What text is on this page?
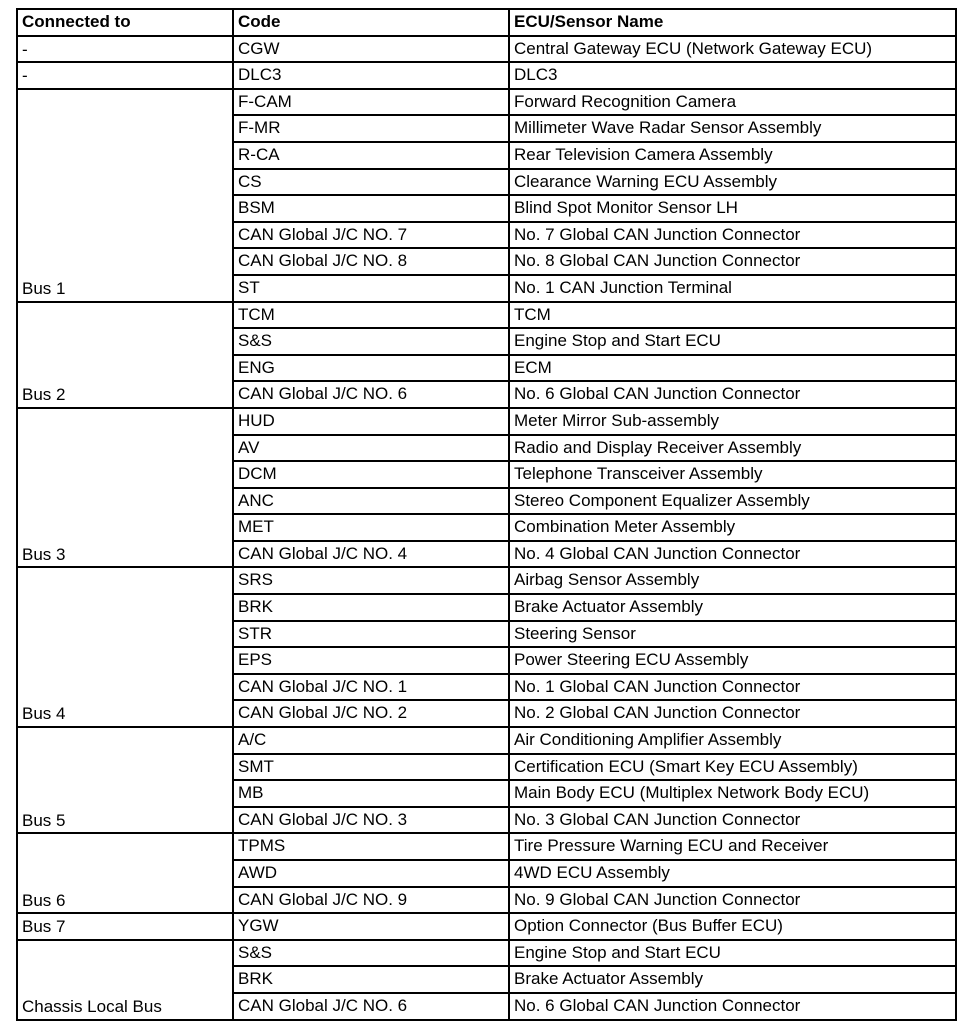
Connected to	Code	ECU/Sensor Name
-	CGW	Central Gateway ECU (Network Gateway ECU)
-	DLC3	DLC3
Bus 1	F-CAM	Forward Recognition Camera
	F-MR	Millimeter Wave Radar Sensor Assembly
	R-CA	Rear Television Camera Assembly
	CS	Clearance Warning ECU Assembly
	BSM	Blind Spot Monitor Sensor LH
	CAN Global J/C NO. 7	No. 7 Global CAN Junction Connector
	CAN Global J/C NO. 8	No. 8 Global CAN Junction Connector
	ST	No. 1 CAN Junction Terminal
Bus 2	TCM	TCM
	S&S	Engine Stop and Start ECU
	ENG	ECM
	CAN Global J/C NO. 6	No. 6 Global CAN Junction Connector
Bus 3	HUD	Meter Mirror Sub-assembly
	AV	Radio and Display Receiver Assembly
	DCM	Telephone Transceiver Assembly
	ANC	Stereo Component Equalizer Assembly
	MET	Combination Meter Assembly
	CAN Global J/C NO. 4	No. 4 Global CAN Junction Connector
Bus 4	SRS	Airbag Sensor Assembly
	BRK	Brake Actuator Assembly
	STR	Steering Sensor
	EPS	Power Steering ECU Assembly
	CAN Global J/C NO. 1	No. 1 Global CAN Junction Connector
	CAN Global J/C NO. 2	No. 2 Global CAN Junction Connector
Bus 5	A/C	Air Conditioning Amplifier Assembly
	SMT	Certification ECU (Smart Key ECU Assembly)
	MB	Main Body ECU (Multiplex Network Body ECU)
	CAN Global J/C NO. 3	No. 3 Global CAN Junction Connector
Bus 6	TPMS	Tire Pressure Warning ECU and Receiver
	AWD	4WD ECU Assembly
	CAN Global J/C NO. 9	No. 9 Global CAN Junction Connector
Bus 7	YGW	Option Connector (Bus Buffer ECU)
Chassis Local Bus	S&S	Engine Stop and Start ECU
	BRK	Brake Actuator Assembly
	CAN Global J/C NO. 6	No. 6 Global CAN Junction Connector
